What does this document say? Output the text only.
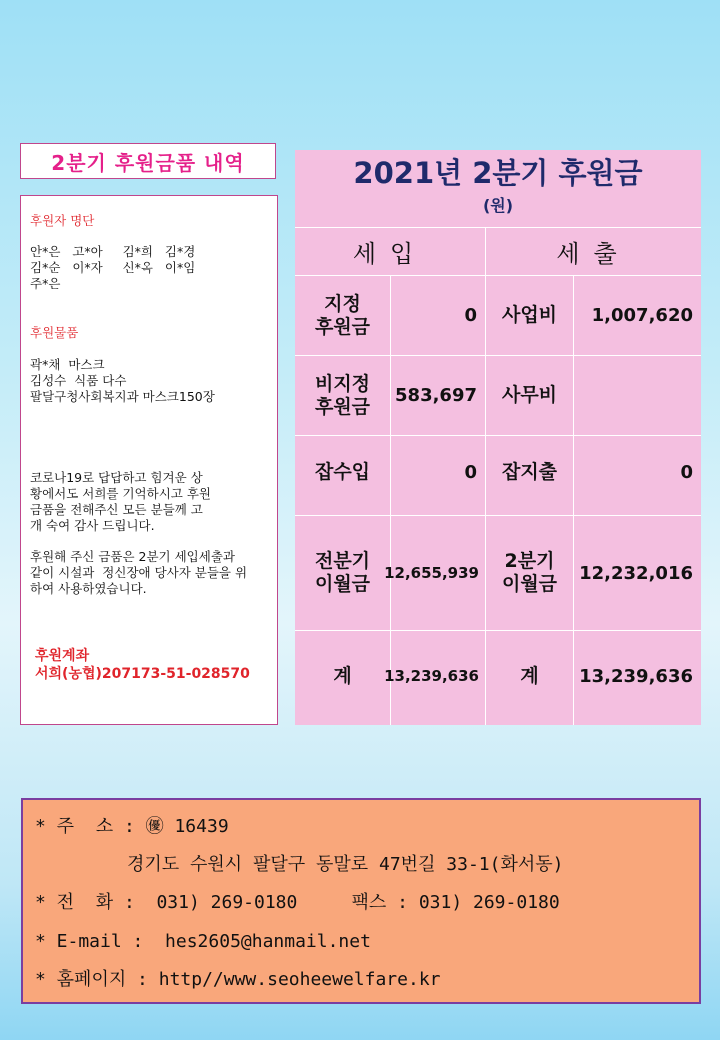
2분기 후원금품 내역
후원자 명단
안*은   고*아     김*희   김*경
김*순   이*자     신*옥   이*임
주*은
후원물품
곽*채  마스크
김성수  식품 다수
팔달구청사회복지과 마스크150장
코로나19로 답답하고 힘겨운 상
황에서도 서희를 기억하시고 후원
금품을 전해주신 모든 분들께 고
개 숙여 감사 드립니다.
후원해 주신 금품은 2분기 세입세출과
같이 시설과  정신장애 당사자 분들을 위
하여 사용하였습니다.
후원계좌
서희(농협)207173-51-028570
2021년 2분기 후원금
(원)
세입	세출
지정
후원금	0	사업비	1,007,620
비지정
후원금	583,697	사무비
잡수입	0	잡지출	0
전분기
이월금 12,655,939
2분기
이월금	12,232,016
계	13,239,636	계	13,239,636
* 주  소 : ㊝ 16439
경기도 수원시 팔달구 동말로 47번길 33-1(화서동)
* 전  화 :  031) 269-0180     팩스 : 031) 269-0180
* E-mail :  hes2605@hanmail.net
* 홈페이지 : http//www.seoheewelfare.kr
